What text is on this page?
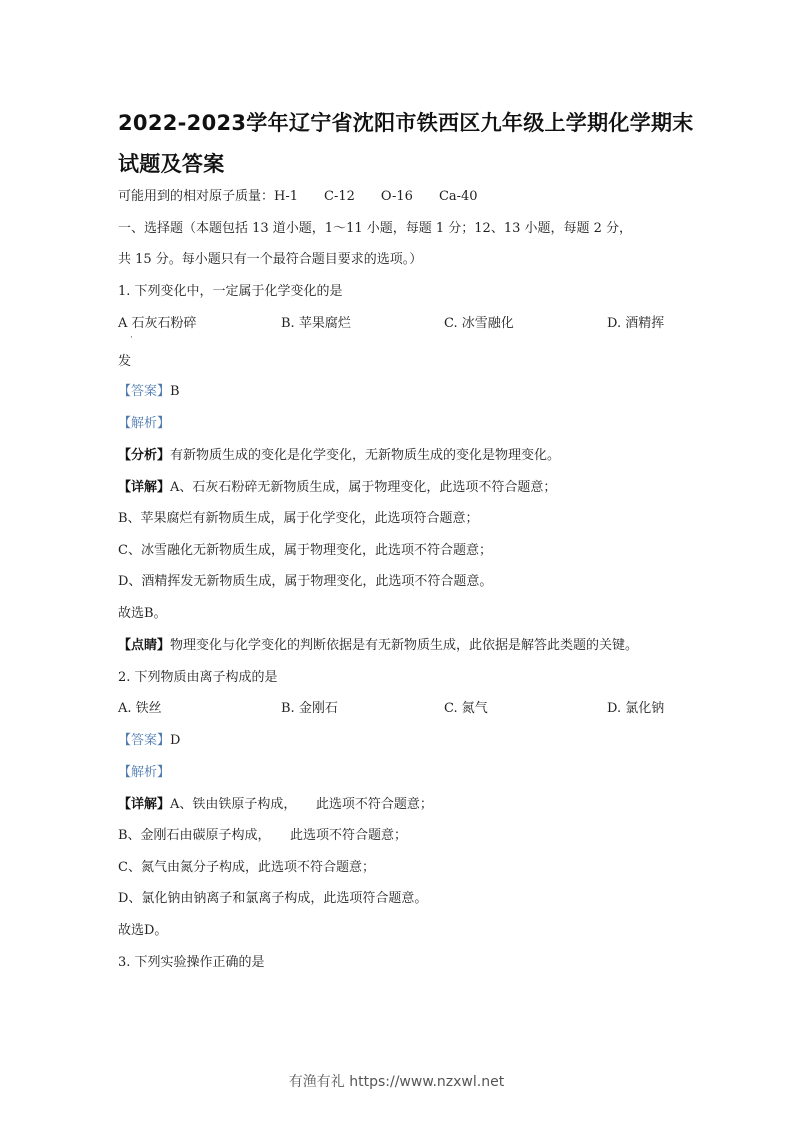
2022-2023学年辽宁省沈阳市铁西区九年级上学期化学期末
试题及答案
可能用到的相对原子质量：H-1　　C-12　　O-16　　Ca-40
一、选择题（本题包括 13 道小题，1～11 小题，每题 1 分；12、13 小题，每题 2 分，
共 15 分。每小题只有一个最符合题目要求的选项。）
1. 下列变化中，一定属于化学变化的是
A 石灰石粉碎	B. 苹果腐烂	C. 冰雪融化	D. 酒精挥
·
发
【答案】B
【解析】
【分析】有新物质生成的变化是化学变化，无新物质生成的变化是物理变化。
【详解】A、石灰石粉碎无新物质生成，属于物理变化，此选项不符合题意；
B、苹果腐烂有新物质生成，属于化学变化，此选项符合题意；
C、冰雪融化无新物质生成，属于物理变化，此选项不符合题意；
D、酒精挥发无新物质生成，属于物理变化，此选项不符合题意。
故选B。
【点睛】物理变化与化学变化的判断依据是有无新物质生成，此依据是解答此类题的关键。
2. 下列物质由离子构成的是
A. 铁丝	B. 金刚石	C. 氮气	D. 氯化钠
【答案】D
【解析】
【详解】A、铁由铁原子构成，　　此选项不符合题意；
B、金刚石由碳原子构成，　　此选项不符合题意；
C、氮气由氮分子构成，此选项不符合题意；
D、氯化钠由钠离子和氯离子构成，此选项符合题意。
故选D。
3. 下列实验操作正确的是
有渔有礼 https://www.nzxwl.net
